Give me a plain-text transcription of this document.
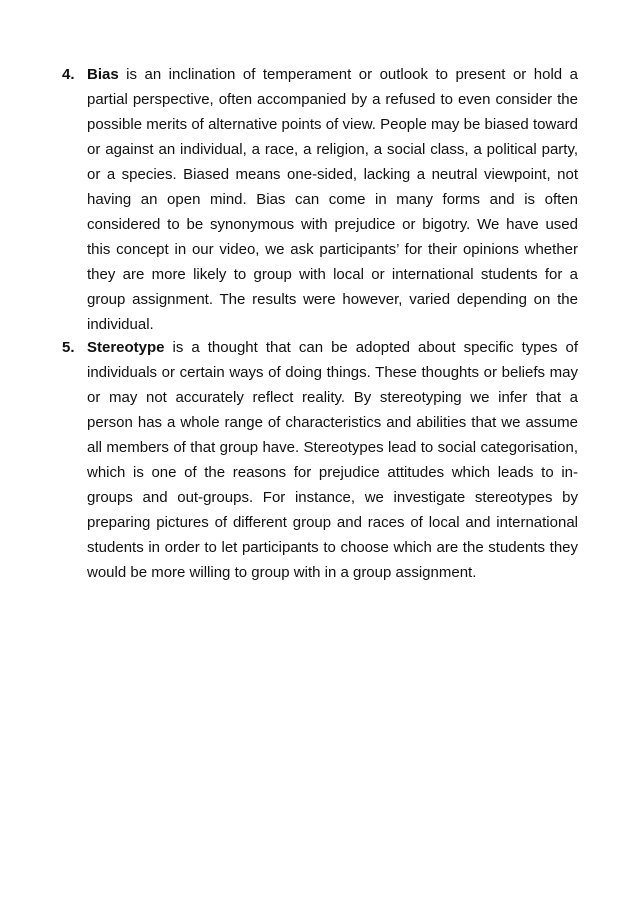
4. Bias is an inclination of temperament or outlook to present or hold a partial perspective, often accompanied by a refused to even consider the possible merits of alternative points of view. People may be biased toward or against an individual, a race, a religion, a social class, a political party, or a species. Biased means one-sided, lacking a neutral viewpoint, not having an open mind. Bias can come in many forms and is often considered to be synonymous with prejudice or bigotry. We have used this concept in our video, we ask participants’ for their opinions whether they are more likely to group with local or international students for a group assignment. The results were however, varied depending on the individual.

5. Stereotype is a thought that can be adopted about specific types of individuals or certain ways of doing things. These thoughts or beliefs may or may not accurately reflect reality. By stereotyping we infer that a person has a whole range of characteristics and abilities that we assume all members of that group have. Stereotypes lead to social categorisation, which is one of the reasons for prejudice attitudes which leads to in-groups and out-groups. For instance, we investigate stereotypes by preparing pictures of different group and races of local and international students in order to let participants to choose which are the students they would be more willing to group with in a group assignment.
